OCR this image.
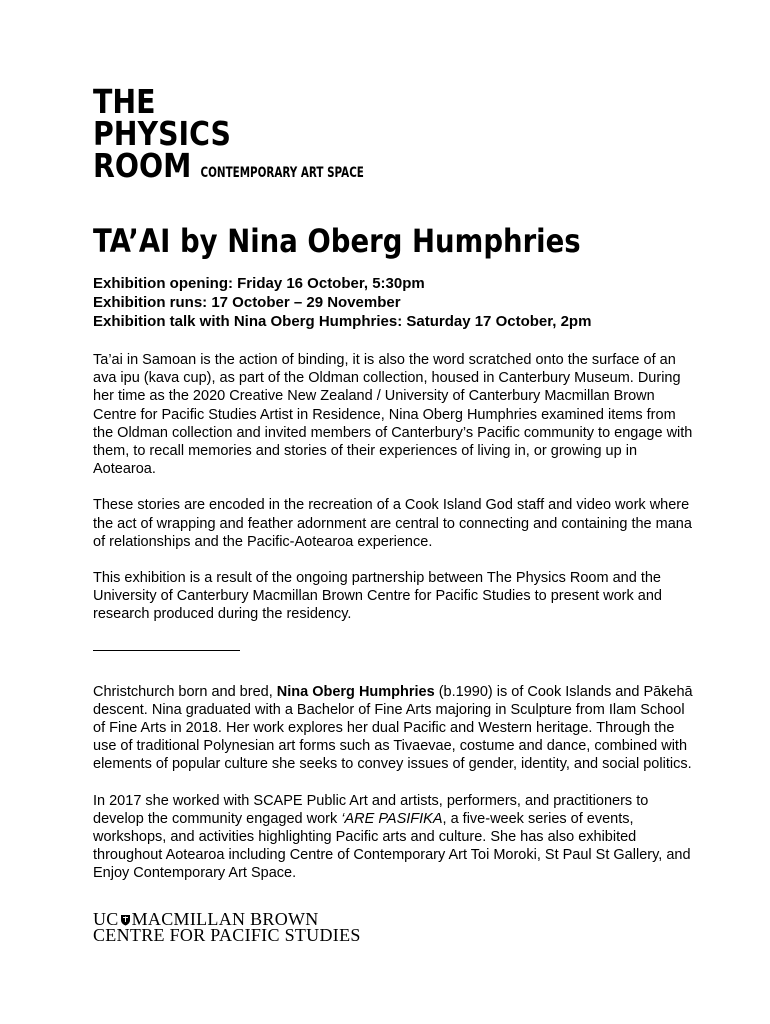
THE
PHYSICS
ROOM CONTEMPORARY ART SPACE
TA’AI by Nina Oberg Humphries
Exhibition opening: Friday 16 October, 5:30pm
Exhibition runs: 17 October – 29 November
Exhibition talk with Nina Oberg Humphries: Saturday 17 October, 2pm

Ta’ai in Samoan is the action of binding, it is also the word scratched onto the surface of an ava ipu (kava cup), as part of the Oldman collection, housed in Canterbury Museum. During her time as the 2020 Creative New Zealand / University of Canterbury Macmillan Brown Centre for Pacific Studies Artist in Residence, Nina Oberg Humphries examined items from the Oldman collection and invited members of Canterbury’s Pacific community to engage with them, to recall memories and stories of their experiences of living in, or growing up in Aotearoa.

These stories are encoded in the recreation of a Cook Island God staff and video work where the act of wrapping and feather adornment are central to connecting and containing the mana of relationships and the Pacific-Aotearoa experience.

This exhibition is a result of the ongoing partnership between The Physics Room and the University of Canterbury Macmillan Brown Centre for Pacific Studies to present work and research produced during the residency.

Christchurch born and bred, Nina Oberg Humphries (b.1990) is of Cook Islands and Pākehā descent. Nina graduated with a Bachelor of Fine Arts majoring in Sculpture from Ilam School of Fine Arts in 2018. Her work explores her dual Pacific and Western heritage. Through the use of traditional Polynesian art forms such as Tivaevae, costume and dance, combined with elements of popular culture she seeks to convey issues of gender, identity, and social politics.

In 2017 she worked with SCAPE Public Art and artists, performers, and practitioners to develop the community engaged work ‘ARE PASIFIKA, a five-week series of events, workshops, and activities highlighting Pacific arts and culture. She has also exhibited throughout Aotearoa including Centre of Contemporary Art Toi Moroki, St Paul St Gallery, and Enjoy Contemporary Art Space.

UC MACMILLAN BROWN
CENTRE FOR PACIFIC STUDIES
